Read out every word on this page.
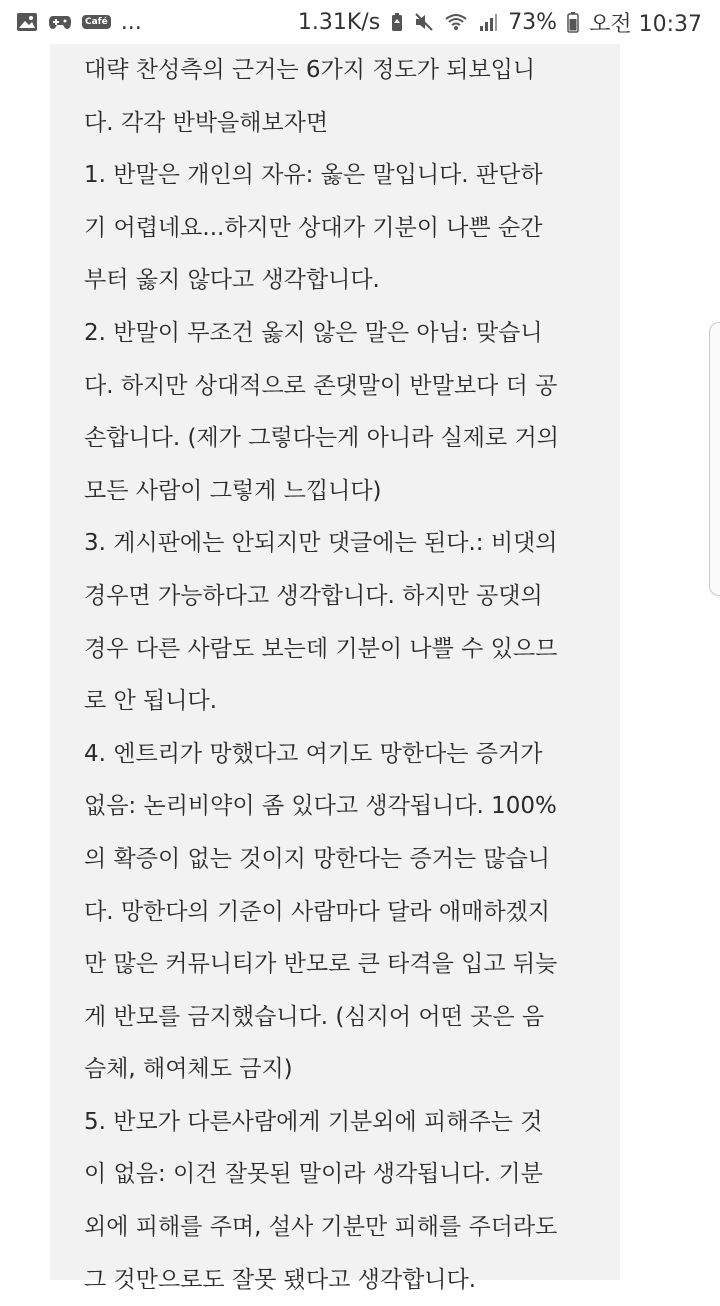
Café ...	1.31K/s	73% 오전 10:37
대략 찬성측의 근거는 6가지 정도가 되보입니
다. 각각 반박을해보자면
1. 반말은 개인의 자유: 옳은 말입니다. 판단하
기 어렵네요...하지만 상대가 기분이 나쁜 순간
부터 옳지 않다고 생각합니다.
2. 반말이 무조건 옳지 않은 말은 아님: 맞습니
다. 하지만 상대적으로 존댓말이 반말보다 더 공
손합니다. (제가 그렇다는게 아니라 실제로 거의
모든 사람이 그렇게 느낍니다)
3. 게시판에는 안되지만 댓글에는 된다.: 비댓의
경우면 가능하다고 생각합니다. 하지만 공댓의
경우 다른 사람도 보는데 기분이 나쁠 수 있으므
로 안 됩니다.
4. 엔트리가 망했다고 여기도 망한다는 증거가
없음: 논리비약이 좀 있다고 생각됩니다. 100%
의 확증이 없는 것이지 망한다는 증거는 많습니
다. 망한다의 기준이 사람마다 달라 애매하겠지
만 많은 커뮤니티가 반모로 큰 타격을 입고 뒤늦
게 반모를 금지했습니다. (심지어 어떤 곳은 음
슴체, 해여체도 금지)
5. 반모가 다른사람에게 기분외에 피해주는 것
이 없음: 이건 잘못된 말이라 생각됩니다. 기분
외에 피해를 주며, 설사 기분만 피해를 주더라도
그 것만으로도 잘못 됐다고 생각합니다.
